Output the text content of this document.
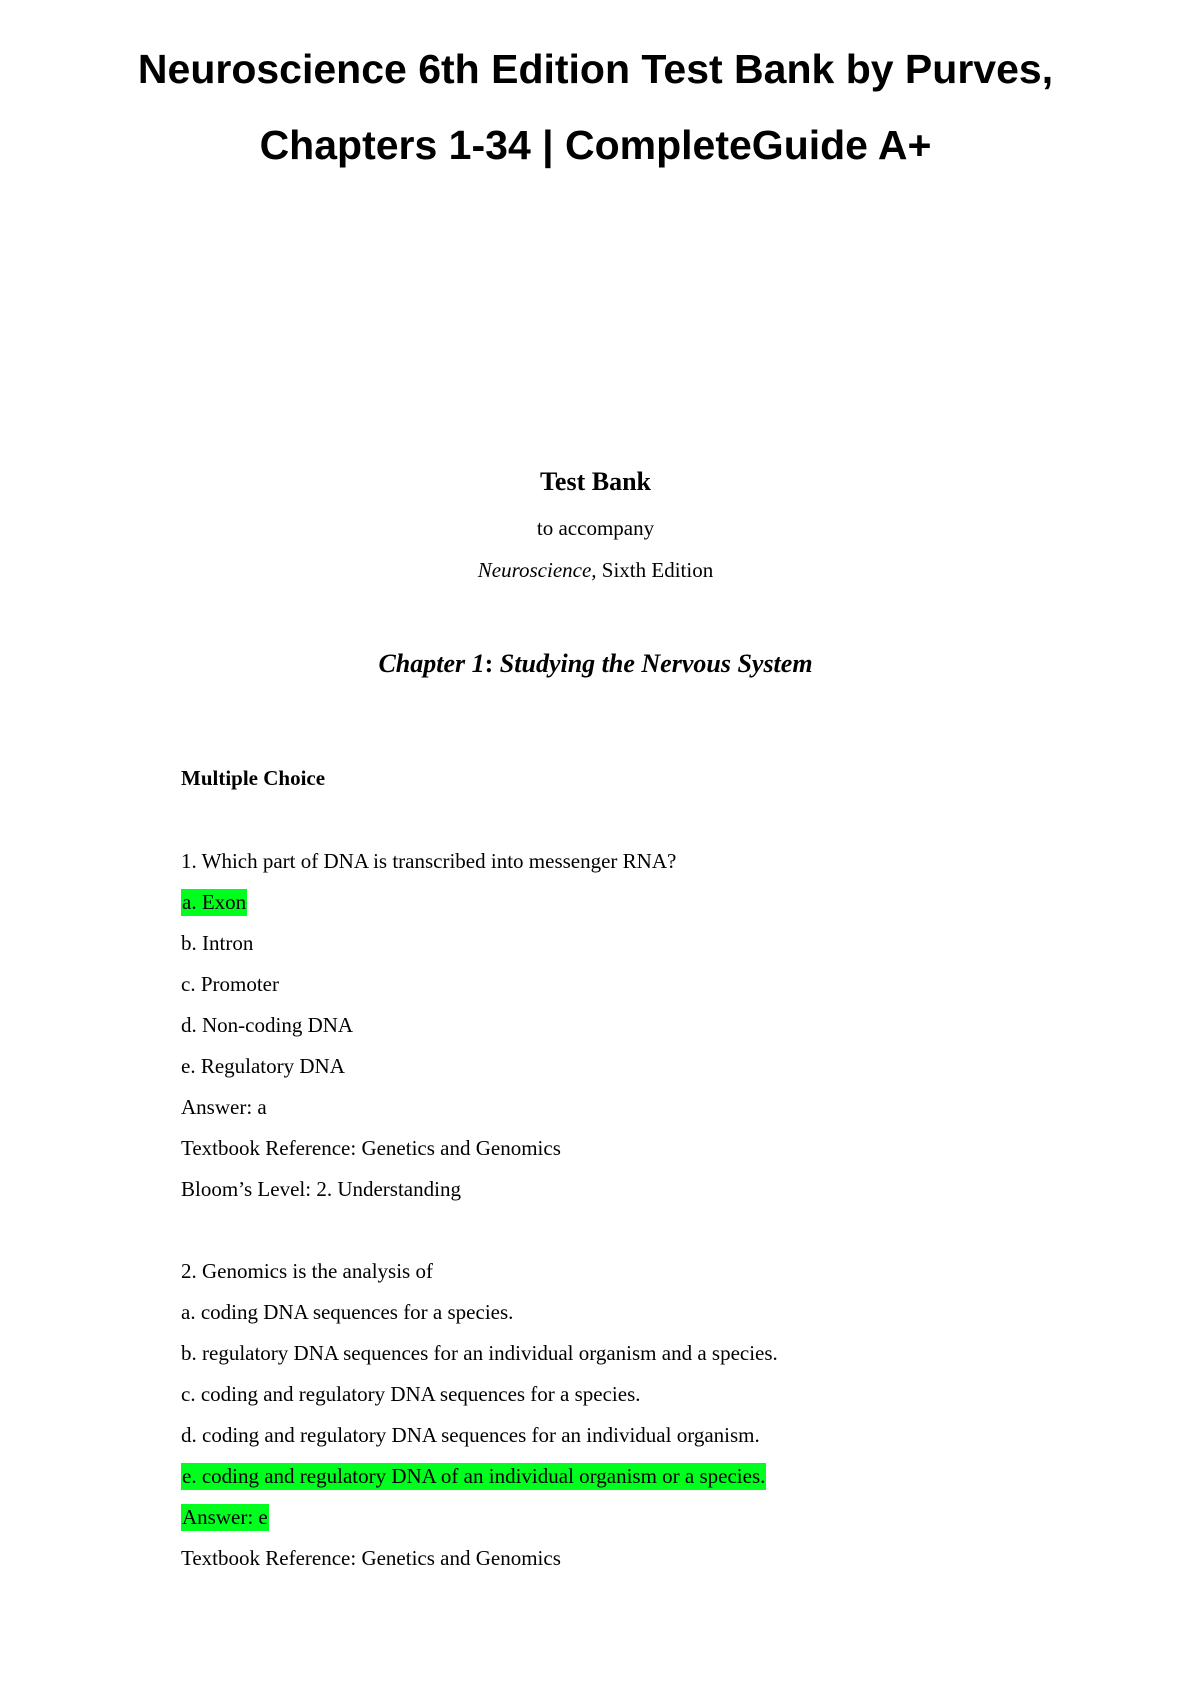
Neuroscience 6th Edition Test Bank by Purves,
Chapters 1-34 | CompleteGuide A+
Test Bank
to accompany
Neuroscience, Sixth Edition
Chapter 1: Studying the Nervous System
Multiple Choice
1. Which part of DNA is transcribed into messenger RNA?
a. Exon
b. Intron
c. Promoter
d. Non-coding DNA
e. Regulatory DNA
Answer: a
Textbook Reference: Genetics and Genomics
Bloom’s Level: 2. Understanding
2. Genomics is the analysis of
a. coding DNA sequences for a species.
b. regulatory DNA sequences for an individual organism and a species.
c. coding and regulatory DNA sequences for a species.
d. coding and regulatory DNA sequences for an individual organism.
e. coding and regulatory DNA of an individual organism or a species.
Answer: e
Textbook Reference: Genetics and Genomics
